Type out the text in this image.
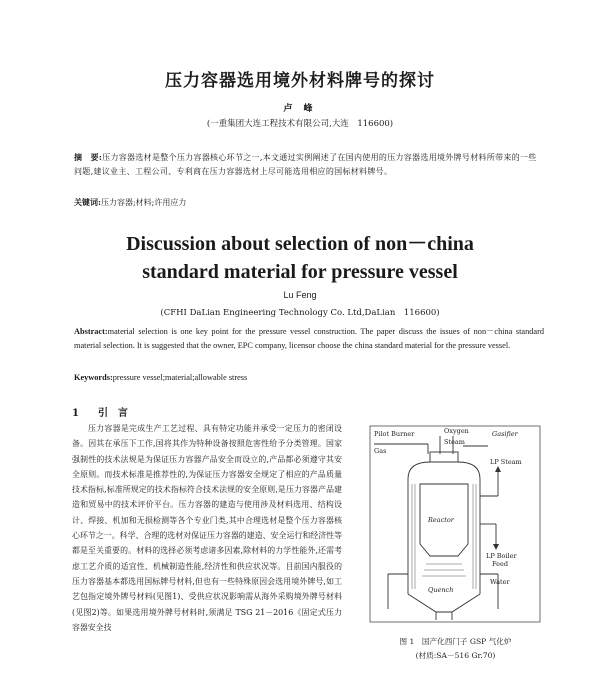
压力容器选用境外材料牌号的探讨
卢 峰
(一重集团大连工程技术有限公司,大连　116600)
摘　要:压力容器选材是整个压力容器核心环节之一,本文通过实例阐述了在国内使用的压力容器选用境外牌号材料所带来的一些问题,建议业主、工程公司、专利商在压力容器选材上尽可能选用相应的国标材料牌号。
关键词:压力容器;材料;许用应力
Discussion about selection of non－china
standard material for pressure vessel
Lu Feng
(CFHI DaLian Engineering Technology Co. Ltd,DaLian　116600)
Abstract:material selection is one key point for the pressure vessel construction. The paper discuss the issues of non－china standard material selection. It is suggested that the owner, EPC company, licensor choose the china standard material for the pressure vessel.
Keywords:pressure vessel;material;allowable stress
1 引　言
压力容器是完成生产工艺过程、具有特定功能并承受一定压力的密闭设备。因其在承压下工作,国将其作为特种设备按照危害性给予分类管理。国家强制性的技术法规是为保证压力容器产品安全而设立的,产品都必须遵守其安全原则。而技术标准是推荐性的,为保证压力容器安全规定了相应的产品质量技术指标,标准所规定的技术指标符合技术法规的安全原则,是压力容器产品建造和贸易中的技术评价平台。压力容器的建造与使用涉及材料选用、结构设计、焊接、机加和无损检测等各个专业门类,其中合理选材是整个压力容器核心环节之一。科学、合理的选材对保证压力容器的建造、安全运行和经济性等都是至关重要的。材料的选择必须考虑诸多因素,除材料的力学性能外,还需考虑工艺介质的适宜性、机械制造性能,经济性和供应状况等。目前国内服役的压力容器基本都选用国标牌号材料,但也有一些特殊原因会选用境外牌号,如工艺包指定境外牌号材料(见图1)、受供应状况影响需从海外采购境外牌号材料(见图2)等。如果选用境外牌号材料时,须满足 TSG 21－2016《固定式压力容器安全技
Pilot Burner
Gas
Oxygen
Steam
Gasifier
LP Steam
Reactor
LP Boiler
Feed
Water
Quench
图 1　国产化西门子 GSP 气化炉
(材质:SA－516 Gr.70)
